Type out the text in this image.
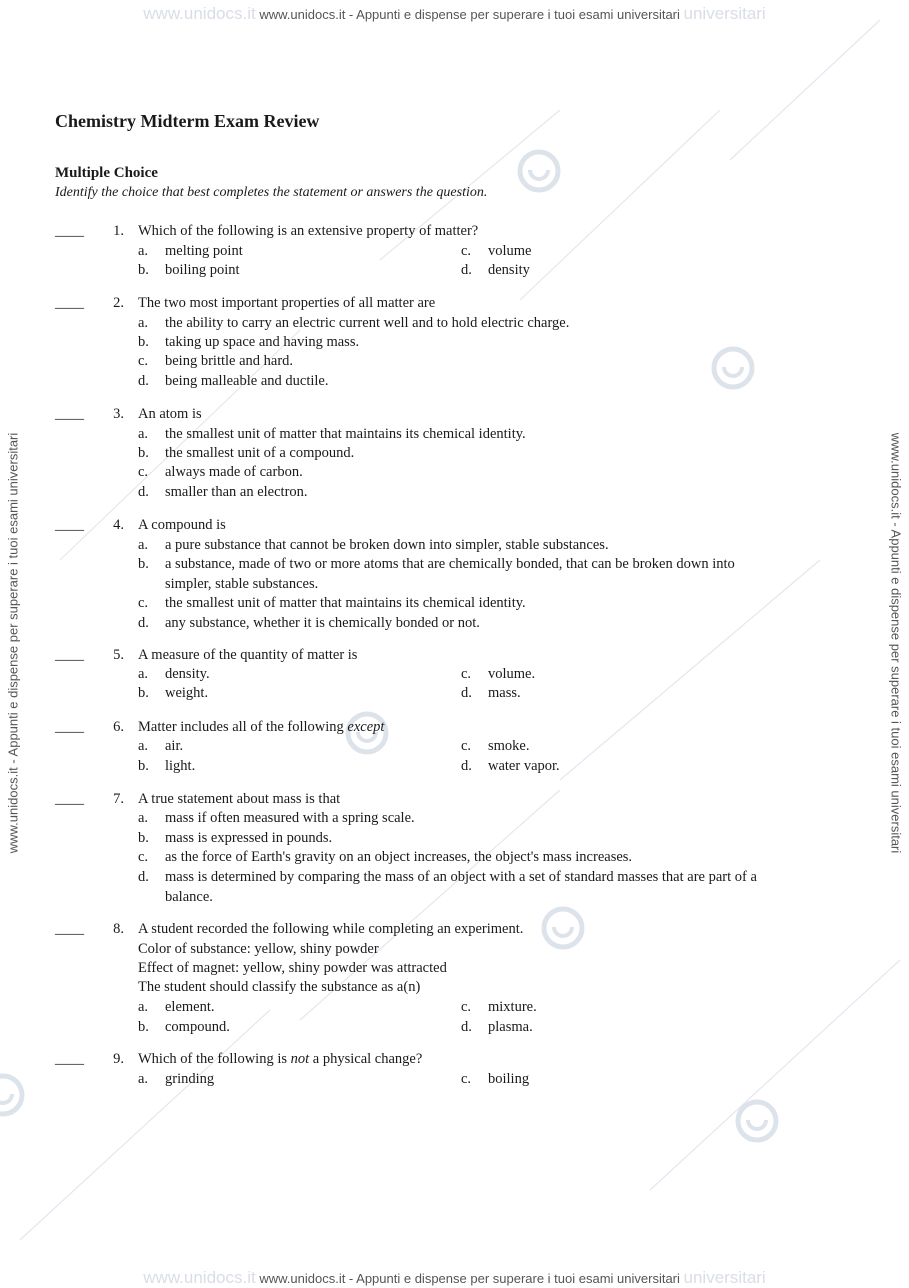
www.unidocs.it www.unidocs.it - Appunti e dispense per superare i tuoi esami universitari universitari
www.unidocs.it www.unidocs.it - Appunti e dispense per superare i tuoi esami universitari universitari
www.unidocs.it - Appunti e dispense per superare i tuoi esami universitari	www.unidocs.it - Appunti e dispense per superare i tuoi esami universitari
Chemistry Midterm Exam Review
Multiple Choice
Identify the choice that best completes the statement or answers the question.
____	1. Which of the following is an extensive property of matter?
a. melting point	c. volume
b. boiling point	d. density
____	2. The two most important properties of all matter are
a. the ability to carry an electric current well and to hold electric charge.
b. taking up space and having mass.
c. being brittle and hard.
d. being malleable and ductile.
____	3. An atom is
a. the smallest unit of matter that maintains its chemical identity.
b. the smallest unit of a compound.
c. always made of carbon.
d. smaller than an electron.
____	4. A compound is
a. a pure substance that cannot be broken down into simpler, stable substances.
b. a substance, made of two or more atoms that are chemically bonded, that can be broken down into simpler, stable substances.
c. the smallest unit of matter that maintains its chemical identity.
d. any substance, whether it is chemically bonded or not.
____	5. A measure of the quantity of matter is
a. density.	c. volume.
b. weight.	d. mass.
____	6. Matter includes all of the following except
a. air.	c. smoke.
b. light.	d. water vapor.
____	7. A true statement about mass is that
a. mass if often measured with a spring scale.
b. mass is expressed in pounds.
c. as the force of Earth's gravity on an object increases, the object's mass increases.
d. mass is determined by comparing the mass of an object with a set of standard masses that are part of a balance.
____	8. A student recorded the following while completing an experiment.
Color of substance: yellow, shiny powder
Effect of magnet: yellow, shiny powder was attracted
The student should classify the substance as a(n)
a. element.	c. mixture.
b. compound.	d. plasma.
____	9. Which of the following is not a physical change?
a. grinding	c. boiling
